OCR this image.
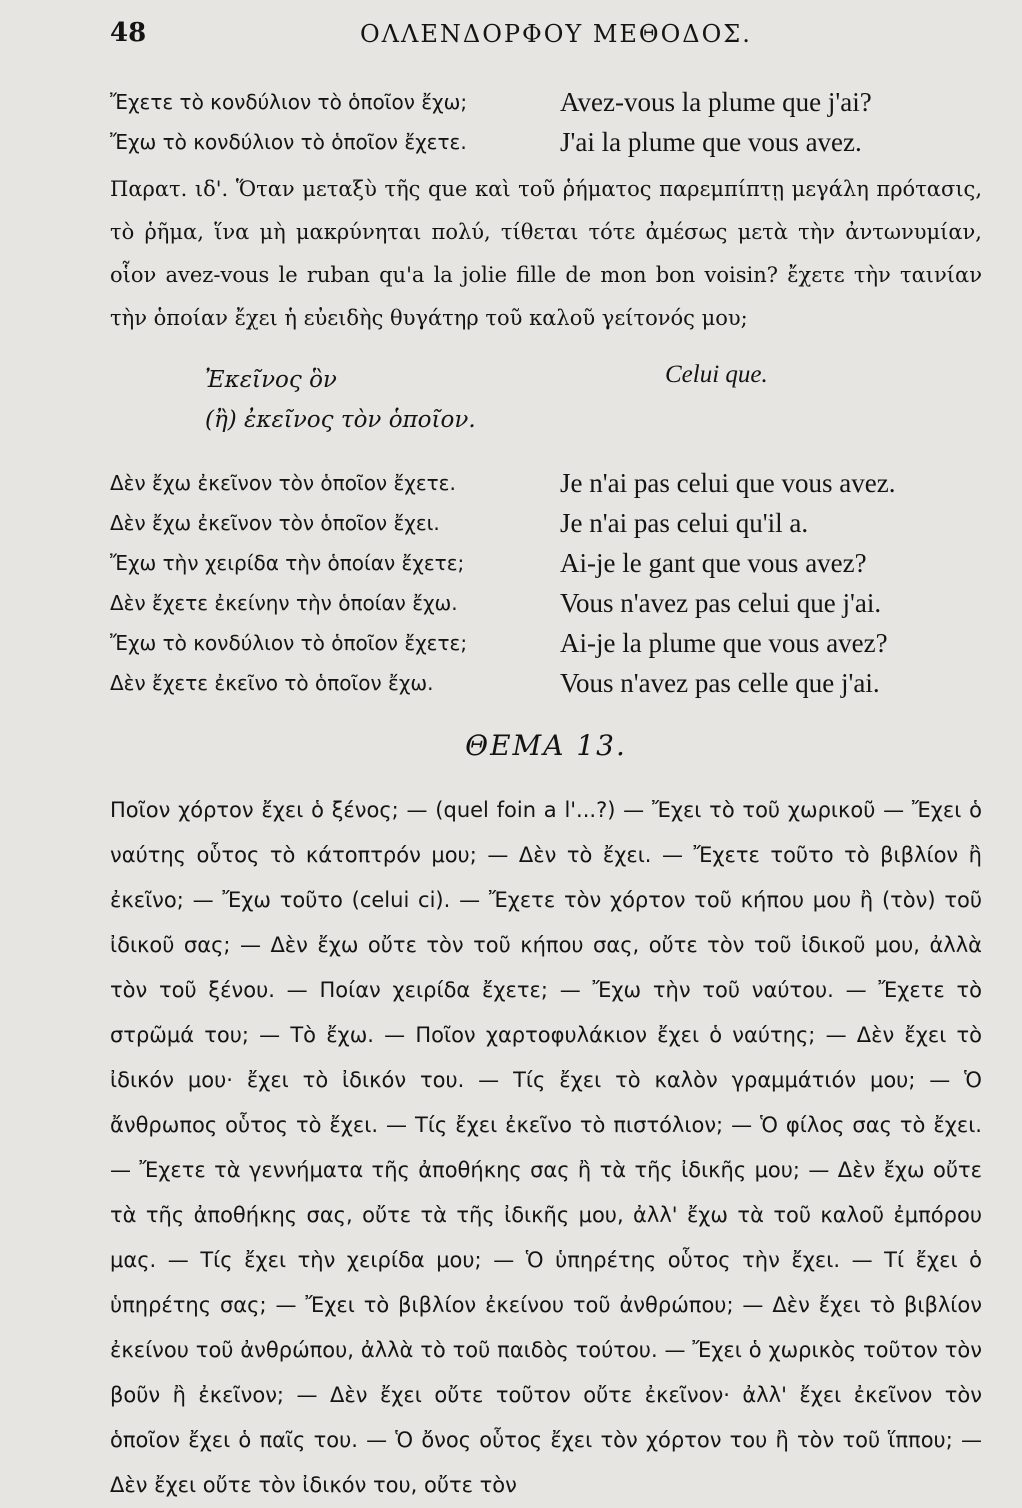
48	ΟΛΛΕΝΔΟΡΦΟΥ ΜΕΘΟΔΟΣ.
Ἔχετε τὸ κονδύλιον τὸ ὁποῖον ἔχω;	Avez-vous la plume que j'ai?
Ἔχω τὸ κονδύλιον τὸ ὁποῖον ἔχετε.	J'ai la plume que vous avez.

Παρατ. ιδ'. Ὅταν μεταξὺ τῆς que καὶ τοῦ ῥήματος παρεμπίπτῃ μεγάλη πρότασις, τὸ ῥῆμα, ἵνα μὴ μακρύνηται πολύ, τίθεται τότε ἀμέσως μετὰ τὴν ἀντωνυμίαν, οἷον avez-vous le ruban qu'a la jolie fille de mon bon voisin? ἔχετε τὴν ταινίαν τὴν ὁποίαν ἔχει ἡ εὐειδὴς θυγάτηρ τοῦ καλοῦ γείτονός μου;

Ἐκεῖνος ὃν	Celui que.
(ἢ) ἐκεῖνος τὸν ὁποῖον.
Δὲν ἔχω ἐκεῖνον τὸν ὁποῖον ἔχετε.	Je n'ai pas celui que vous avez.
Δὲν ἔχω ἐκεῖνον τὸν ὁποῖον ἔχει.	Je n'ai pas celui qu'il a.
Ἔχω τὴν χειρίδα τὴν ὁποίαν ἔχετε;	Ai-je le gant que vous avez?
Δὲν ἔχετε ἐκείνην τὴν ὁποίαν ἔχω.	Vous n'avez pas celui que j'ai.
Ἔχω τὸ κονδύλιον τὸ ὁποῖον ἔχετε;	Ai-je la plume que vous avez?
Δὲν ἔχετε ἐκεῖνο τὸ ὁποῖον ἔχω.	Vous n'avez pas celle que j'ai.
ΘΕΜΑ 13.

Ποῖον χόρτον ἔχει ὁ ξένος; — (quel foin a l'...?) — Ἔχει τὸ τοῦ χωρικοῦ — Ἔχει ὁ ναύτης οὗτος τὸ κάτοπτρόν μου; — Δὲν τὸ ἔχει. — Ἔχετε τοῦτο τὸ βιβλίον ἢ ἐκεῖνο; — Ἔχω τοῦτο (celui ci). — Ἔχετε τὸν χόρτον τοῦ κήπου μου ἢ (τὸν) τοῦ ἰδικοῦ σας; — Δὲν ἔχω οὔτε τὸν τοῦ κήπου σας, οὔτε τὸν τοῦ ἰδικοῦ μου, ἀλλὰ τὸν τοῦ ξένου. — Ποίαν χειρίδα ἔχετε; — Ἔχω τὴν τοῦ ναύτου. — Ἔχετε τὸ στρῶμά του; — Τὸ ἔχω. — Ποῖον χαρτοφυλάκιον ἔχει ὁ ναύτης; — Δὲν ἔχει τὸ ἰδικόν μου· ἔχει τὸ ἰδικόν του. — Τίς ἔχει τὸ καλὸν γραμμάτιόν μου; — Ὁ ἄνθρωπος οὗτος τὸ ἔχει. — Τίς ἔχει ἐκεῖνο τὸ πιστόλιον; — Ὁ φίλος σας τὸ ἔχει. — Ἔχετε τὰ γεννήματα τῆς ἀποθήκης σας ἢ τὰ τῆς ἰδικῆς μου; — Δὲν ἔχω οὔτε τὰ τῆς ἀποθήκης σας, οὔτε τὰ τῆς ἰδικῆς μου, ἀλλ' ἔχω τὰ τοῦ καλοῦ ἐμπόρου μας. — Τίς ἔχει τὴν χειρίδα μου; — Ὁ ὑπηρέτης οὗτος τὴν ἔχει. — Τί ἔχει ὁ ὑπηρέτης σας; — Ἔχει τὸ βιβλίον ἐκείνου τοῦ ἀνθρώπου; — Δὲν ἔχει τὸ βιβλίον ἐκείνου τοῦ ἀνθρώπου, ἀλλὰ τὸ τοῦ παιδὸς τούτου. — Ἔχει ὁ χωρικὸς τοῦτον τὸν βοῦν ἢ ἐκεῖνον; — Δὲν ἔχει οὔτε τοῦτον οὔτε ἐκεῖνον· ἀλλ' ἔχει ἐκεῖνον τὸν ὁποῖον ἔχει ὁ παῖς του. — Ὁ ὄνος οὗτος ἔχει τὸν χόρτον του ἢ τὸν τοῦ ἵππου; — Δὲν ἔχει οὔτε τὸν ἰδικόν του, οὔτε τὸν
